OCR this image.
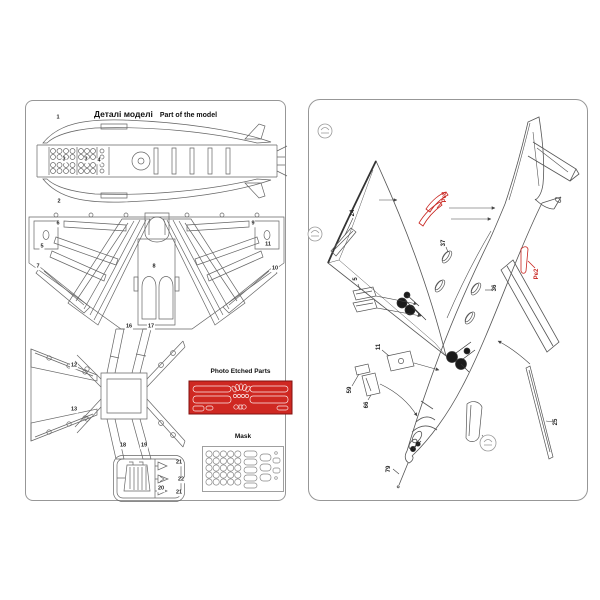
Деталі моделі Part of the model
1
2
3	3 4
6
5
7	8
9
11
10
16	17
12
13
18	19
21
22
20
21
Photo Etched Parts
Mask
24
5
37
36
11
59
66
79
25
Pe8
Pe2
